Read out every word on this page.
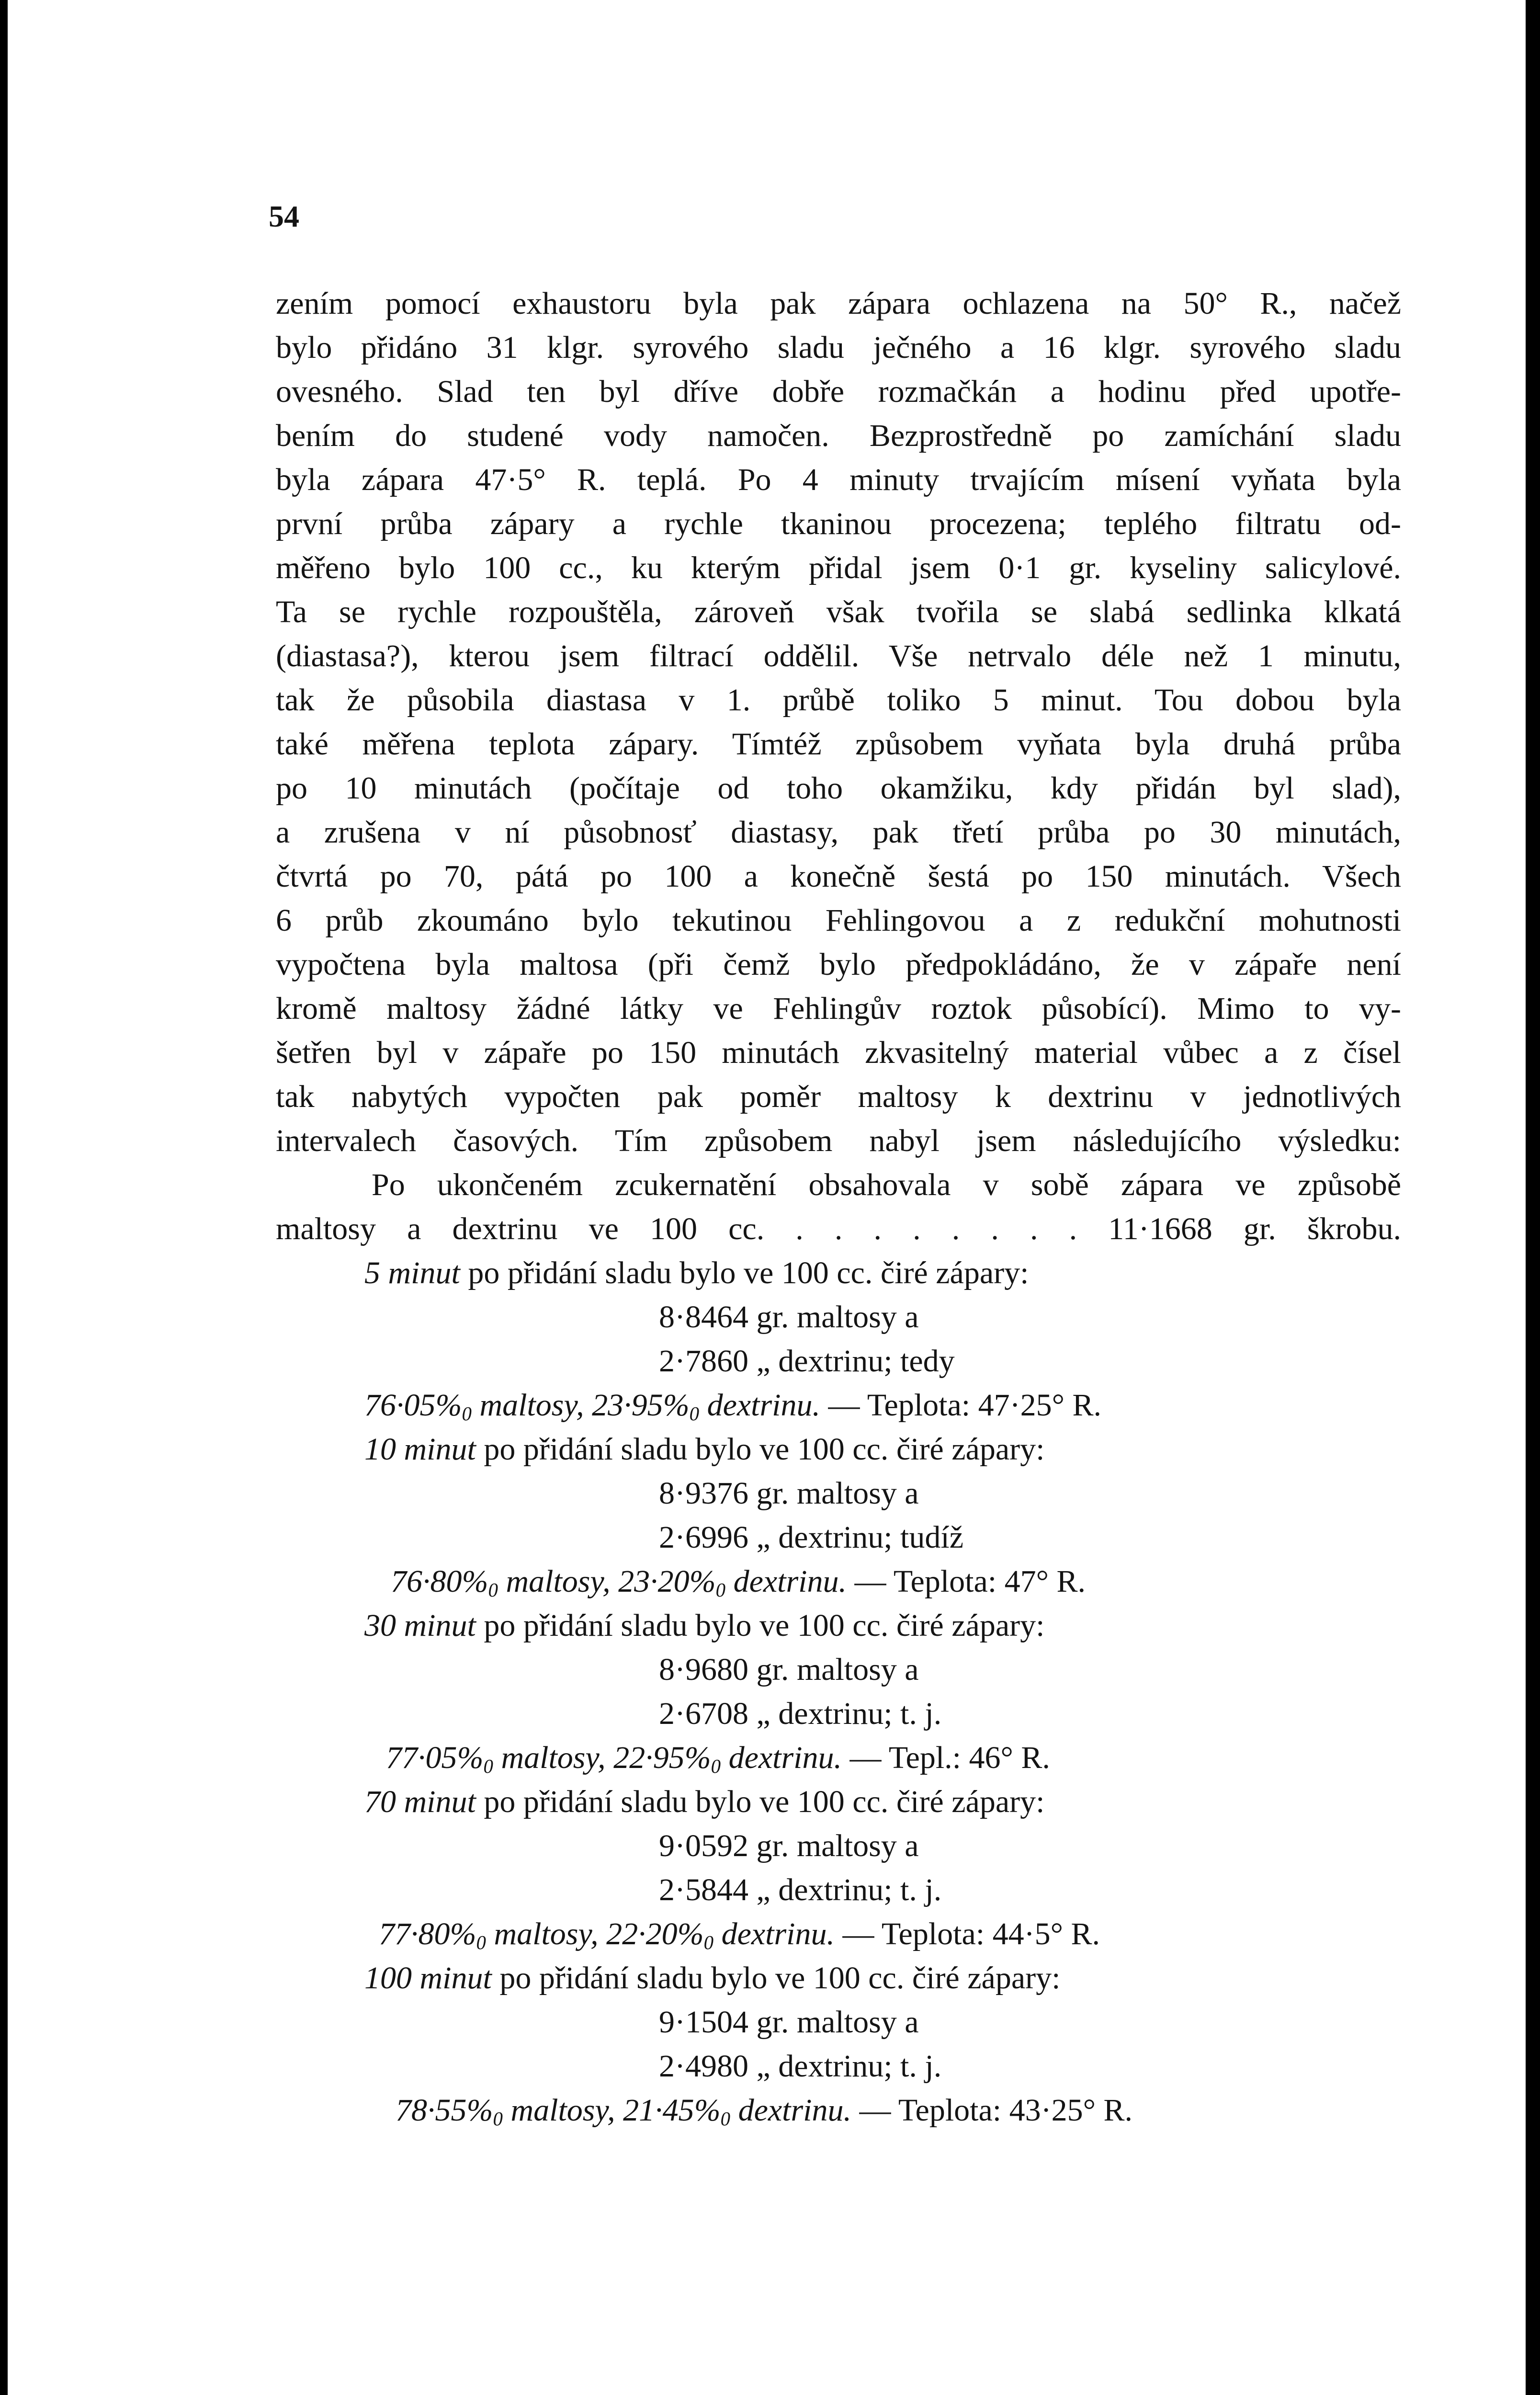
54
zením pomocí exhaustoru byla pak zápara ochlazena na 50° R., načež
bylo přidáno 31 klgr. syrového sladu ječného a 16 klgr. syrového sladu
ovesného. Slad ten byl dříve dobře rozmačkán a hodinu před upotře-
bením do studené vody namočen. Bezprostředně po zamíchání sladu
byla zápara 47·5° R. teplá. Po 4 minuty trvajícím mísení vyňata byla
první průba zápary a rychle tkaninou procezena; teplého filtratu od-
měřeno bylo 100 cc., ku kterým přidal jsem 0·1 gr. kyseliny salicylové.
Ta se rychle rozpouštěla, zároveň však tvořila se slabá sedlinka klkatá
(diastasa?), kterou jsem filtrací oddělil. Vše netrvalo déle než 1 minutu,
tak že působila diastasa v 1. průbě toliko 5 minut. Tou dobou byla
také měřena teplota zápary. Tímtéž způsobem vyňata byla druhá průba
po 10 minutách (počítaje od toho okamžiku, kdy přidán byl slad),
a zrušena v ní působnosť diastasy, pak třetí průba po 30 minutách,
čtvrtá po 70, pátá po 100 a konečně šestá po 150 minutách. Všech
6 průb zkoumáno bylo tekutinou Fehlingovou a z redukční mohutnosti
vypočtena byla maltosa (při čemž bylo předpokládáno, že v zápaře není
kromě maltosy žádné látky ve Fehlingův roztok působící). Mimo to vy-
šetřen byl v zápaře po 150 minutách zkvasitelný material vůbec a z čísel
tak nabytých vypočten pak poměr maltosy k dextrinu v jednotlivých
intervalech časových. Tím způsobem nabyl jsem následujícího výsledku:
Po ukončeném zcukernatění obsahovala v sobě zápara ve způsobě
maltosy a dextrinu ve 100 cc. . . . . . . . . 11·1668 gr. škrobu.
5 minut po přidání sladu bylo ve 100 cc. čiré zápary:
8·8464 gr. maltosy a
2·7860 „ dextrinu; tedy
$76\cdot 05\%_0$ maltosy, $23\cdot 95\%_0$ dextrinu. — Teplota: 47·25° R.
10 minut po přidání sladu bylo ve 100 cc. čiré zápary:
8·9376 gr. maltosy a
2·6996 „ dextrinu; tudíž
$76\cdot 80\%_0$ maltosy, $23\cdot 20\%_0$ dextrinu. — Teplota: 47° R.
30 minut po přidání sladu bylo ve 100 cc. čiré zápary:
8·9680 gr. maltosy a
2·6708 „ dextrinu; t. j.
$77\cdot 05\%_0$ maltosy, $22\cdot 95\%_0$ dextrinu. — Tepl.: 46° R.
70 minut po přidání sladu bylo ve 100 cc. čiré zápary:
9·0592 gr. maltosy a
2·5844 „ dextrinu; t. j.
$77\cdot 80\%_0$ maltosy, $22\cdot 20\%_0$ dextrinu. — Teplota: 44·5° R.
100 minut po přidání sladu bylo ve 100 cc. čiré zápary:
9·1504 gr. maltosy a
2·4980 „ dextrinu; t. j.
$78\cdot 55\%_0$ maltosy, $21\cdot 45\%_0$ dextrinu. — Teplota: 43·25° R.
